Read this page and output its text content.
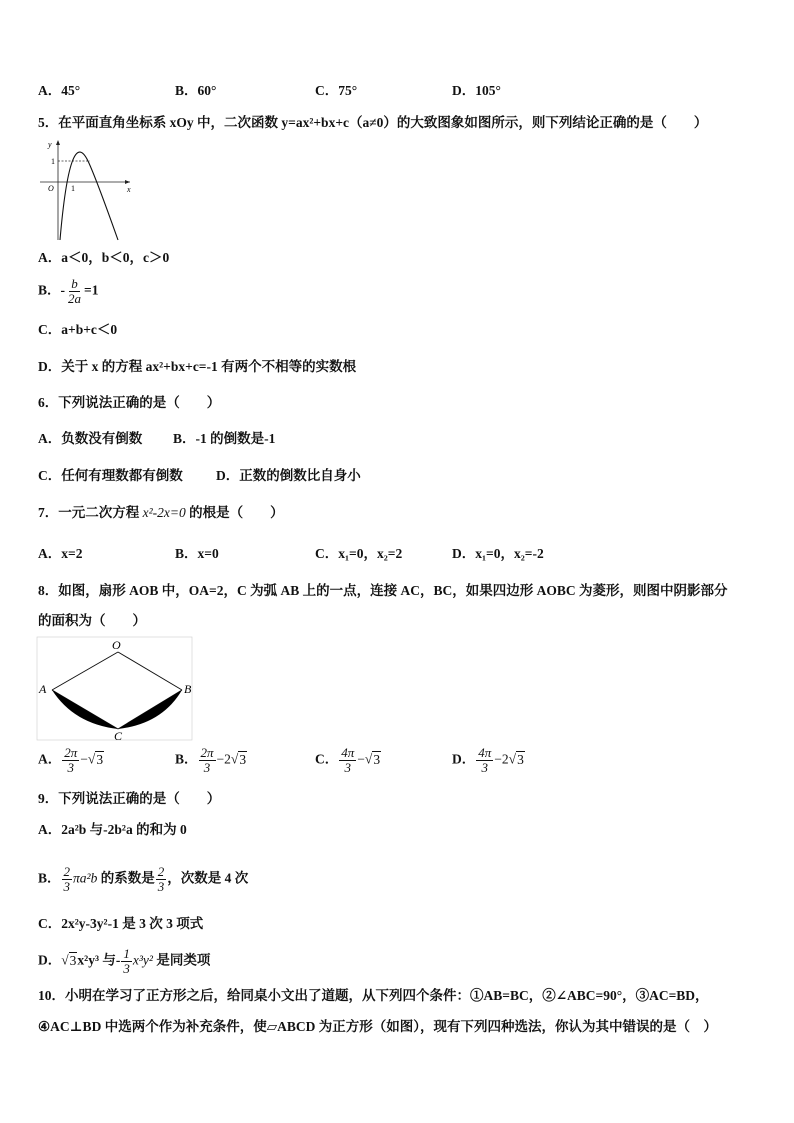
A．45°	B．60°	C．75°	D．105°
5．在平面直角坐标系 xOy 中，二次函数 y=ax²+bx+c（a≠0）的大致图象如图所示，则下列结论正确的是（　　）
y
x
O 1
1
A．a＜0，b＜0，c＞0
B．- $\frac{b}{2a} =1$
C．a+b+c＜0
D．关于 x 的方程 ax²+bx+c=-1 有两个不相等的实数根
6．下列说法正确的是（　　）
A．负数没有倒数 B．-1 的倒数是-1
C．任何有理数都有倒数 D．正数的倒数比自身小
7．一元二次方程 x²-2x=0 的根是（　　）
A．x=2	B．x=0	C．x₁=0，x₂=2	D．x₁=0，x₂=-2
8．如图，扇形 AOB 中，OA=2，C 为弧 AB 上的一点，连接 AC，BC，如果四边形 AOBC 为菱形，则图中阴影部分
的面积为（　　）
O
A	B
C
A． $\frac{2\pi}{3} -√3$	B． $\frac{2\pi}{3} -2√3$	C． $\frac{4\pi}{3} -√3$	D． $\frac{4\pi}{3} -2√3$
9．下列说法正确的是（　　）
A．2a²b 与-2b²a 的和为 0
B． $\frac{2}{3} \pi a^2b$ 的系数是 $\frac{2}{3}$ ，次数是 4 次
C．2x²y-3y²-1 是 3 次 3 项式
D．√3x²y³ 与- $\frac{1}{3} x^3y^2$ 是同类项
10．小明在学习了正方形之后，给同桌小文出了道题，从下列四个条件：①AB=BC，②∠ABC=90°，③AC=BD，
④AC⊥BD 中选两个作为补充条件，使▱ABCD 为正方形（如图），现有下列四种选法，你认为其中错误的是（　）
